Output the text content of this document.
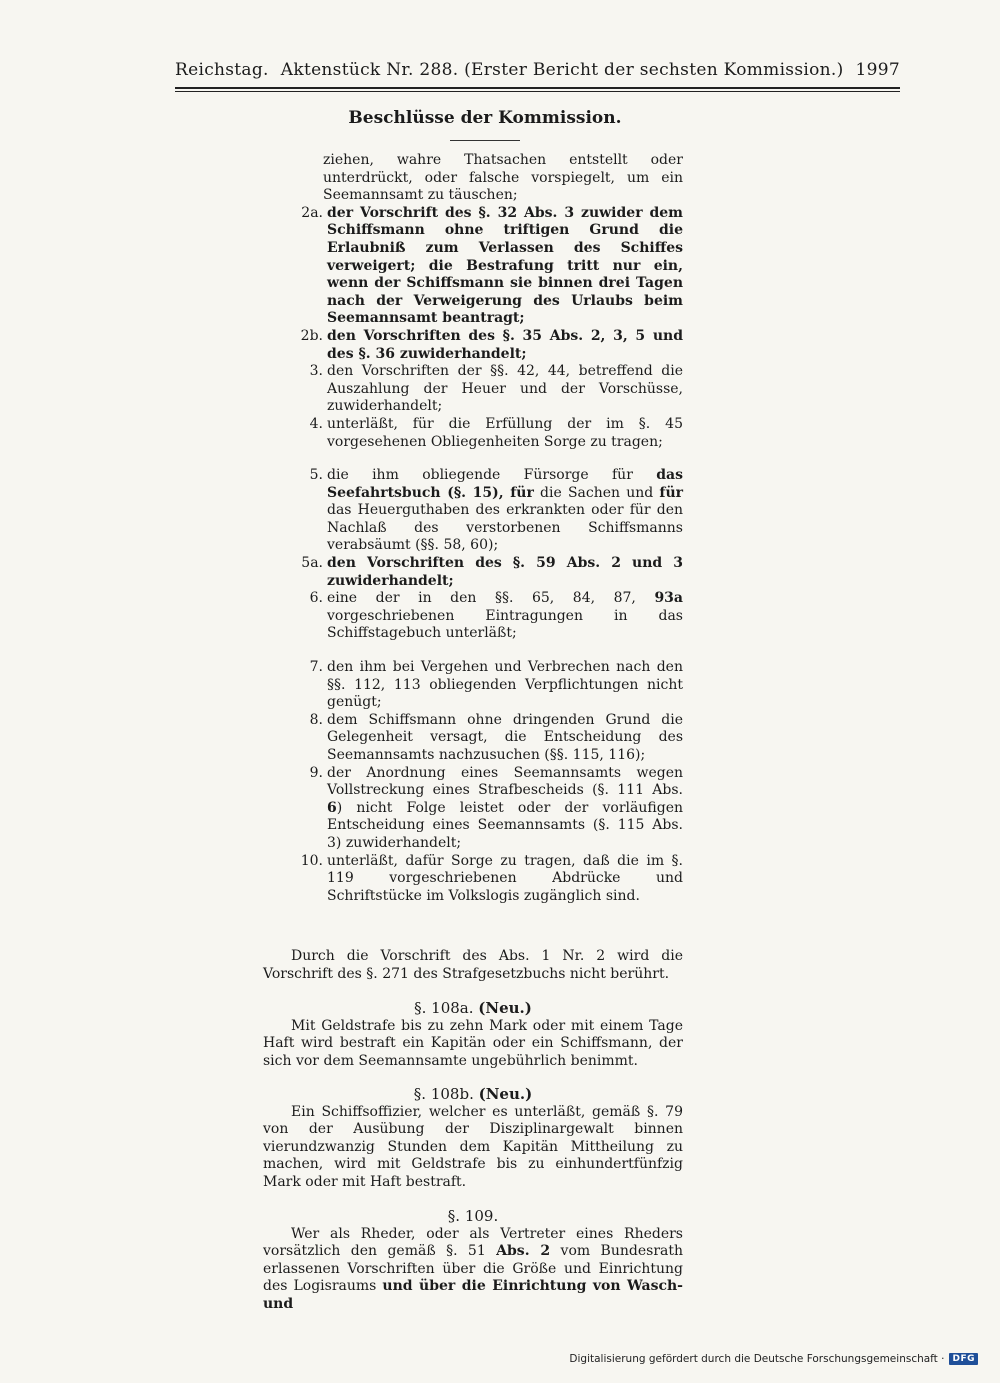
Reichstag. Aktenstück Nr. 288. (Erster Bericht der sechsten Kommission.) 1997
Beschlüsse der Kommission.
ziehen, wahre Thatsachen entstellt oder unterdrückt, oder falsche vorspiegelt, um ein Seemannsamt zu täuschen;
2a. der Vorschrift des §. 32 Abs. 3 zuwider dem Schiffsmann ohne triftigen Grund die Erlaubniß zum Verlassen des Schiffes verweigert; die Bestrafung tritt nur ein, wenn der Schiffsmann sie binnen drei Tagen nach der Verweigerung des Urlaubs beim Seemannsamt beantragt;
2b. den Vorschriften des §. 35 Abs. 2, 3, 5 und des §. 36 zuwiderhandelt;
3. den Vorschriften der §§. 42, 44, betreffend die Auszahlung der Heuer und der Vorschüsse, zuwiderhandelt;
4. unterläßt, für die Erfüllung der im §. 45 vorgesehenen Obliegenheiten Sorge zu tragen;
5. die ihm obliegende Fürsorge für das Seefahrtsbuch (§. 15), für die Sachen und für das Heuerguthaben des erkrankten oder für den Nachlaß des verstorbenen Schiffsmanns verabsäumt (§§. 58, 60);
5a. den Vorschriften des §. 59 Abs. 2 und 3 zuwiderhandelt;
6. eine der in den §§. 65, 84, 87, 93a vorgeschriebenen Eintragungen in das Schiffstagebuch unterläßt;
7. den ihm bei Vergehen und Verbrechen nach den §§. 112, 113 obliegenden Verpflichtungen nicht genügt;
8. dem Schiffsmann ohne dringenden Grund die Gelegenheit versagt, die Entscheidung des Seemannsamts nachzusuchen (§§. 115, 116);
9. der Anordnung eines Seemannsamts wegen Vollstreckung eines Strafbescheids (§. 111 Abs. 6) nicht Folge leistet oder der vorläufigen Entscheidung eines Seemannsamts (§. 115 Abs. 3) zuwiderhandelt;
10. unterläßt, dafür Sorge zu tragen, daß die im §. 119 vorgeschriebenen Abdrücke und Schriftstücke im Volkslogis zugänglich sind.
Durch die Vorschrift des Abs. 1 Nr. 2 wird die Vorschrift des §. 271 des Strafgesetzbuchs nicht berührt.
§. 108a. (Neu.)
Mit Geldstrafe bis zu zehn Mark oder mit einem Tage Haft wird bestraft ein Kapitän oder ein Schiffsmann, der sich vor dem Seemannsamte ungebührlich benimmt.
§. 108b. (Neu.)
Ein Schiffsoffizier, welcher es unterläßt, gemäß §. 79 von der Ausübung der Disziplinargewalt binnen vierundzwanzig Stunden dem Kapitän Mittheilung zu machen, wird mit Geldstrafe bis zu einhundertfünfzig Mark oder mit Haft bestraft.
§. 109.
Wer als Rheder, oder als Vertreter eines Rheders vorsätzlich den gemäß §. 51 Abs. 2 vom Bundesrath erlassenen Vorschriften über die Größe und Einrichtung des Logisraums und über die Einrichtung von Wasch- und
Digitalisierung gefördert durch die Deutsche Forschungsgemeinschaft · DFG
